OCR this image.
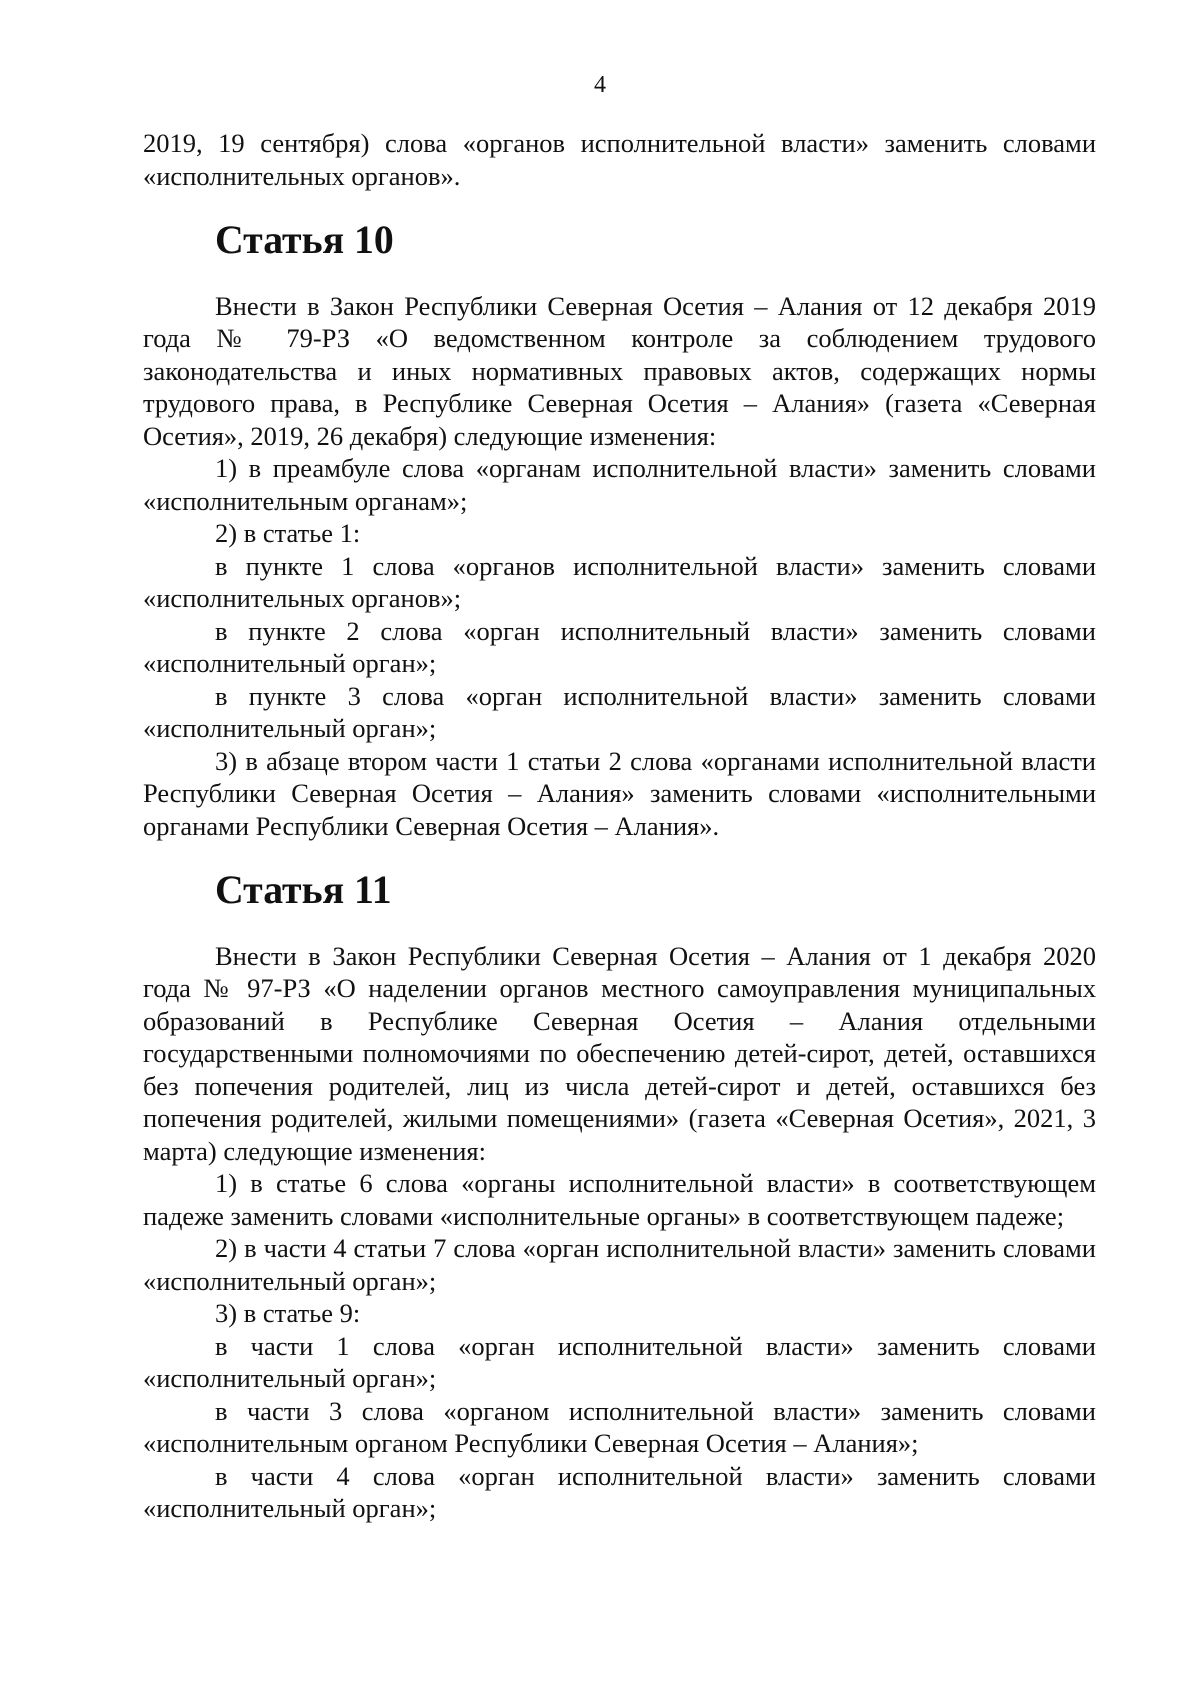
4

2019, 19 сентября) слова «органов исполнительной власти» заменить словами «исполнительных органов».

Статья 10

Внести в Закон Республики Северная Осетия – Алания от 12 декабря 2019 года № 79-РЗ «О ведомственном контроле за соблюдением трудового законодательства и иных нормативных правовых актов, содержащих нормы трудового права, в Республике Северная Осетия – Алания» (газета «Северная Осетия», 2019, 26 декабря) следующие изменения:

1) в преамбуле слова «органам исполнительной власти» заменить словами «исполнительным органам»;

2) в статье 1:

в пункте 1 слова «органов исполнительной власти» заменить словами «исполнительных органов»;

в пункте 2 слова «орган исполнительный власти» заменить словами «исполнительный орган»;

в пункте 3 слова «орган исполнительной власти» заменить словами «исполнительный орган»;

3) в абзаце втором части 1 статьи 2 слова «органами исполнительной власти Республики Северная Осетия – Алания» заменить словами «исполнительными органами Республики Северная Осетия – Алания».

Статья 11

Внести в Закон Республики Северная Осетия – Алания от 1 декабря 2020 года № 97-РЗ «О наделении органов местного самоуправления муниципальных образований в Республике Северная Осетия – Алания отдельными государственными полномочиями по обеспечению детей-сирот, детей, оставшихся без попечения родителей, лиц из числа детей-сирот и детей, оставшихся без попечения родителей, жилыми помещениями» (газета «Северная Осетия», 2021, 3 марта) следующие изменения:

1) в статье 6 слова «органы исполнительной власти» в соответствующем падеже заменить словами «исполнительные органы» в соответствующем падеже;

2) в части 4 статьи 7 слова «орган исполнительной власти» заменить словами «исполнительный орган»;

3) в статье 9:

в части 1 слова «орган исполнительной власти» заменить словами «исполнительный орган»;

в части 3 слова «органом исполнительной власти» заменить словами «исполнительным органом Республики Северная Осетия – Алания»;

в части 4 слова «орган исполнительной власти» заменить словами «исполнительный орган»;
